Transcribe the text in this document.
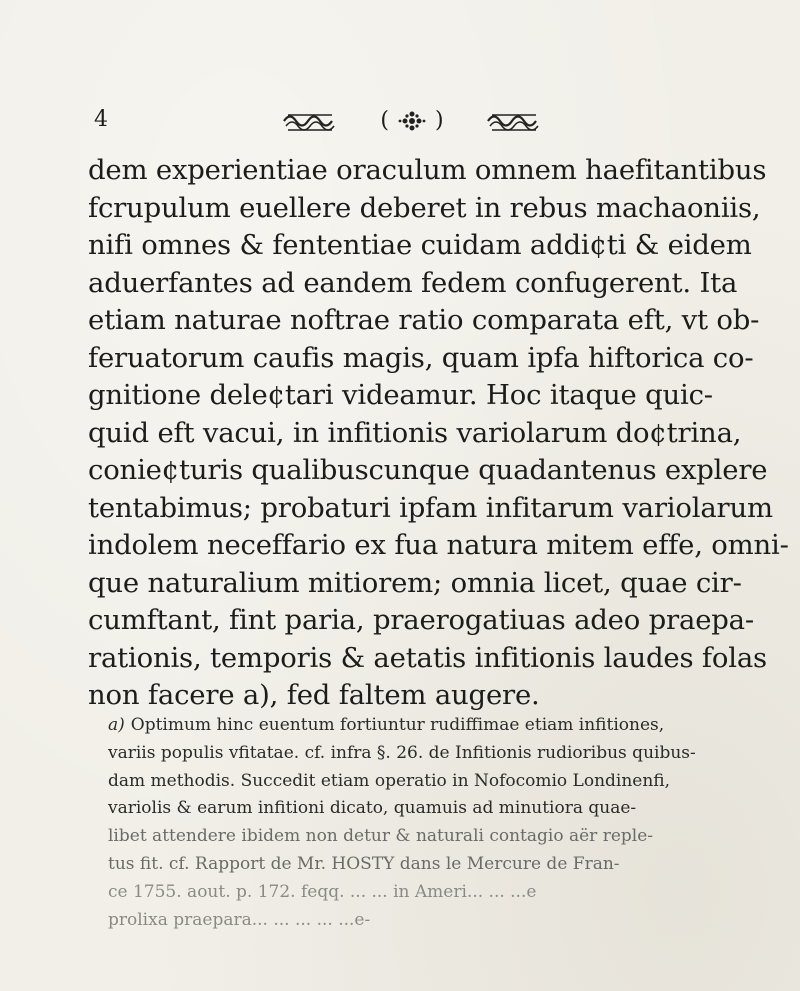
4	( )
dem experientiae oraculum omnem haefitantibus
fcrupulum euellere deberet in rebus machaoniis,
nifi omnes & fententiae cuidam addi¢ti & eidem
aduerfantes ad eandem fedem confugerent. Ita
etiam naturae noftrae ratio comparata eft, vt ob-
feruatorum caufis magis, quam ipfa hiftorica co-
gnitione dele¢tari videamur. Hoc itaque quic-
quid eft vacui, in infitionis variolarum do¢trina,
conie¢turis qualibuscunque quadantenus explere
tentabimus; probaturi ipfam infitarum variolarum
indolem neceffario ex fua natura mitem effe, omni-
que naturalium mitiorem; omnia licet, quae cir-
cumftant, fint paria, praerogatiuas adeo praepa-
rationis, temporis & aetatis infitionis laudes folas
non facere a), fed faltem augere.
a) Optimum hinc euentum fortiuntur rudiffimae etiam infitiones,
variis populis vfitatae. cf. infra §. 26. de Infitionis rudioribus quibus-
dam methodis. Succedit etiam operatio in Nofocomio Londinenfi,
variolis & earum infitioni dicato, quamuis ad minutiora quae-
libet attendere ibidem non detur & naturali contagio aër reple-
tus fit. cf. Rapport de Mr. HOSTY dans le Mercure de Fran-
ce 1755. aout. p. 172. feqq. ... ... in Ameri... ... ...e
prolixa praepara... ... ... ... ...e-
